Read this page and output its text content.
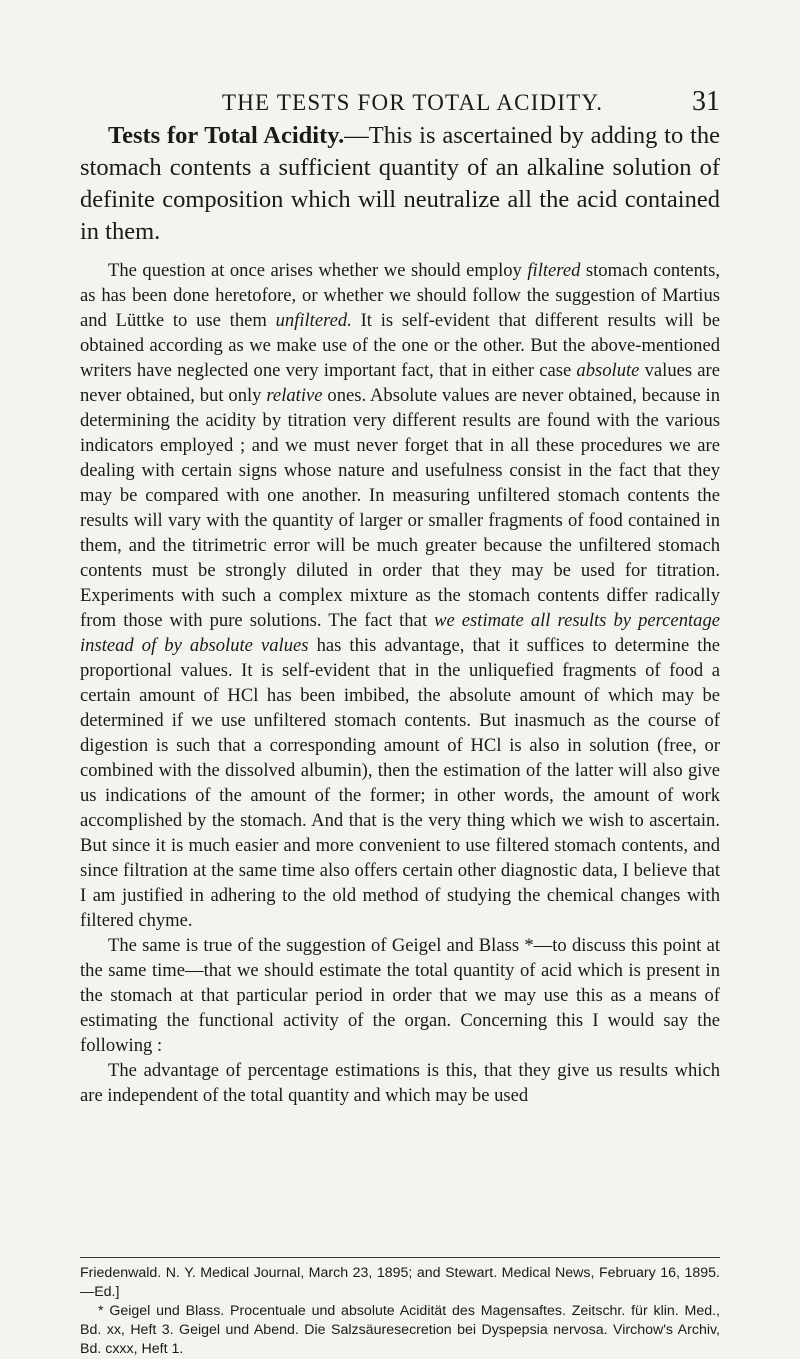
THE TESTS FOR TOTAL ACIDITY.	31

Tests for Total Acidity.—This is ascertained by adding to the stomach contents a sufficient quantity of an alkaline solution of definite composition which will neutralize all the acid contained in them.

The question at once arises whether we should employ filtered stomach contents, as has been done heretofore, or whether we should follow the suggestion of Martius and Lüttke to use them unfiltered. It is self-evident that different results will be obtained according as we make use of the one or the other. But the above-mentioned writers have neglected one very important fact, that in either case absolute values are never obtained, but only relative ones. Absolute values are never obtained, because in determining the acidity by titration very different results are found with the various indicators employed ; and we must never forget that in all these procedures we are dealing with certain signs whose nature and usefulness consist in the fact that they may be compared with one another. In measuring unfiltered stomach contents the results will vary with the quantity of larger or smaller fragments of food contained in them, and the titrimetric error will be much greater because the unfiltered stomach contents must be strongly diluted in order that they may be used for titration. Experiments with such a complex mixture as the stomach contents differ radically from those with pure solutions. The fact that we estimate all results by percentage instead of by absolute values has this advantage, that it suffices to determine the proportional values. It is self-evident that in the unliquefied fragments of food a certain amount of HCl has been imbibed, the absolute amount of which may be determined if we use unfiltered stomach contents. But inasmuch as the course of digestion is such that a corresponding amount of HCl is also in solution (free, or combined with the dissolved albumin), then the estimation of the latter will also give us indications of the amount of the former; in other words, the amount of work accomplished by the stomach. And that is the very thing which we wish to ascertain. But since it is much easier and more convenient to use filtered stomach contents, and since filtration at the same time also offers certain other diagnostic data, I believe that I am justified in adhering to the old method of studying the chemical changes with filtered chyme.

The same is true of the suggestion of Geigel and Blass *—to discuss this point at the same time—that we should estimate the total quantity of acid which is present in the stomach at that particular period in order that we may use this as a means of estimating the functional activity of the organ. Concerning this I would say the following :

The advantage of percentage estimations is this, that they give us results which are independent of the total quantity and which may be used

Friedenwald. N. Y. Medical Journal, March 23, 1895; and Stewart. Medical News, February 16, 1895.—Ed.]

* Geigel und Blass. Procentuale und absolute Acidität des Magensaftes. Zeitschr. für klin. Med., Bd. xx, Heft 3. Geigel und Abend. Die Salzsäuresecretion bei Dyspepsia nervosa. Virchow's Archiv, Bd. cxxx, Heft 1.
